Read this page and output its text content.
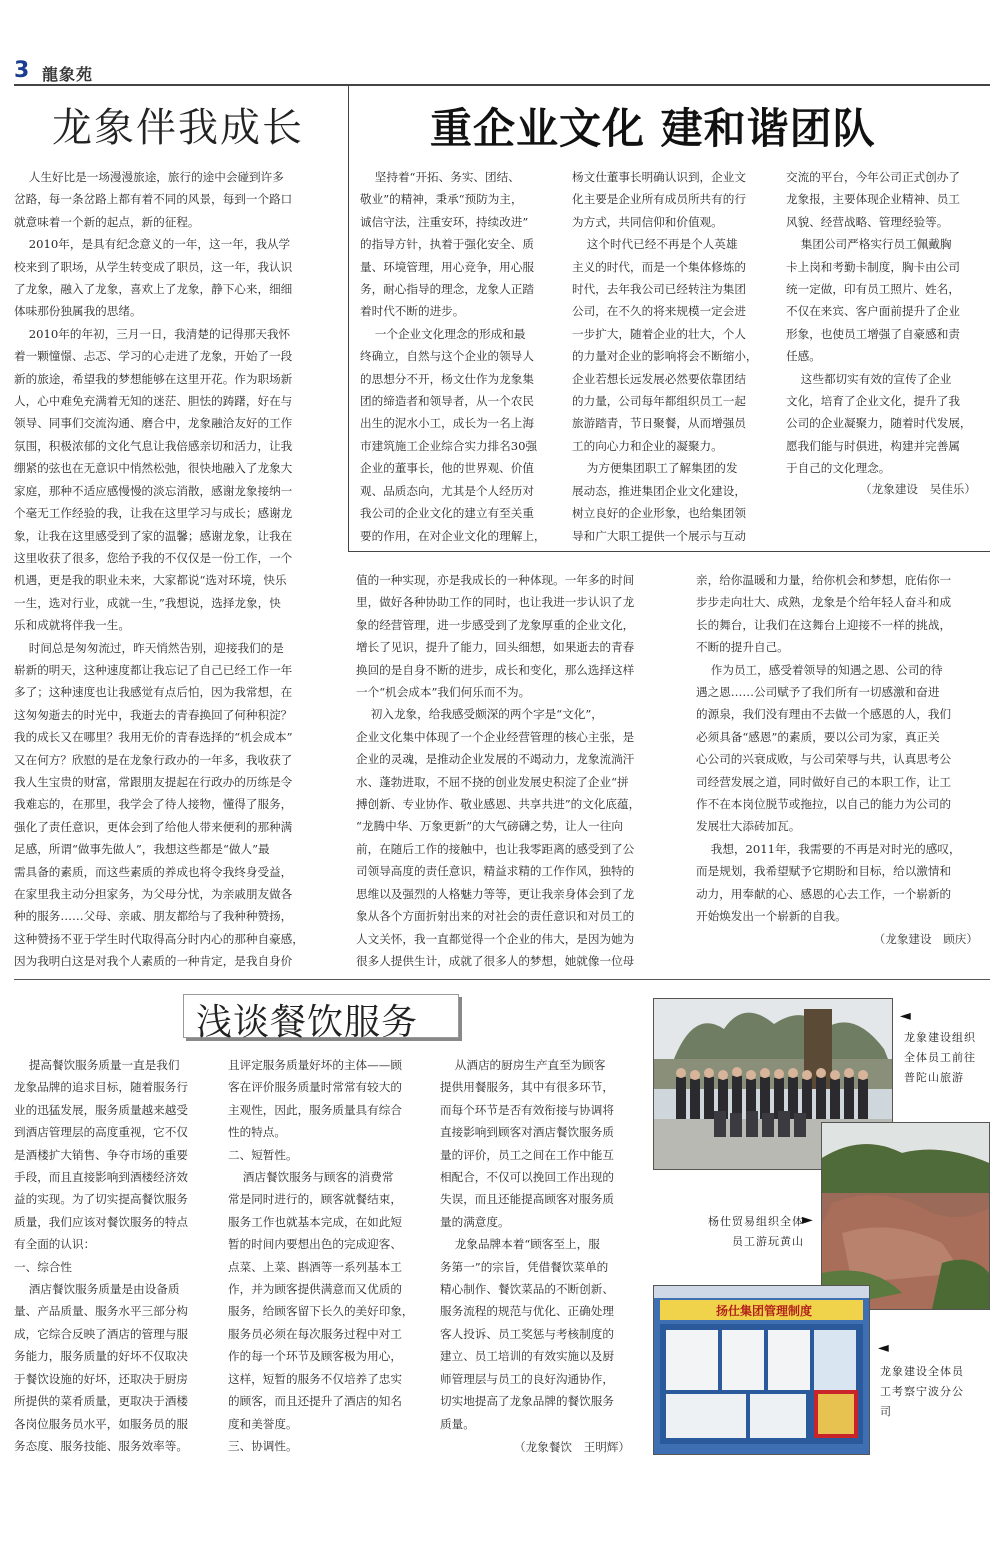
3 龍象苑
龙象伴我成长	重企业文化 建和谐团队
人生好比是一场漫漫旅途，旅行的途中会碰到许多
岔路，每一条岔路上都有着不同的风景，每到一个路口
就意味着一个新的起点，新的征程。
2010年，是具有纪念意义的一年，这一年，我从学
校来到了职场，从学生转变成了职员，这一年，我认识
了龙象，融入了龙象，喜欢上了龙象，静下心来，细细
体味那份独属我的思绪。
2010年的年初，三月一日，我清楚的记得那天我怀
着一颗憧憬、忐忑、学习的心走进了龙象，开始了一段
新的旅途，希望我的梦想能够在这里开花。作为职场新
人，心中难免充满着无知的迷茫、胆怯的踌躇，好在与
领导、同事们交流沟通、磨合中，龙象融洽友好的工作
氛围，积极浓郁的文化气息让我倍感亲切和活力，让我
绷紧的弦也在无意识中悄然松弛，很快地融入了龙象大
家庭，那种不适应感慢慢的淡忘消散，感谢龙象接纳一
个毫无工作经验的我，让我在这里学习与成长；感谢龙
象，让我在这里感受到了家的温馨；感谢龙象，让我在
这里收获了很多，您给予我的不仅仅是一份工作，一个
机遇，更是我的职业未来，大家都说“选对环境，快乐
一生，选对行业，成就一生，”我想说，选择龙象，快
乐和成就将伴我一生。
时间总是匆匆流过，昨天悄然告别，迎接我们的是
崭新的明天，这种速度都让我忘记了自己已经工作一年
多了；这种速度也让我感觉有点后怕，因为我常想，在
这匆匆逝去的时光中，我逝去的青春换回了何种积淀？
我的成长又在哪里？我用无价的青春选择的“机会成本”
又在何方？欣慰的是在龙象行政办的一年多，我收获了
我人生宝贵的财富，常跟朋友提起在行政办的历练是令
我难忘的，在那里，我学会了待人接物，懂得了服务，
强化了责任意识，更体会到了给他人带来便利的那种满
足感，所谓“做事先做人”，我想这些都是“做人”最
需具备的素质，而这些素质的养成也将令我终身受益，
在家里我主动分担家务，为父母分忧，为亲戚朋友做各
种的服务……父母、亲戚、朋友都给与了我种种赞扬，
这种赞扬不亚于学生时代取得高分时内心的那种自豪感，
因为我明白这是对我个人素质的一种肯定，是我自身价
坚持着“开拓、务实、团结、
敬业”的精神，秉承“预防为主，
诚信守法，注重安环，持续改进”
的指导方针，执着于强化安全、质
量、环境管理，用心竞争，用心服
务，耐心指导的理念，龙象人正踏
着时代不断的进步。
一个企业文化理念的形成和最
终确立，自然与这个企业的领导人
的思想分不开，杨文仕作为龙象集
团的缔造者和领导者，从一个农民
出生的泥水小工，成长为一名上海
市建筑施工企业综合实力排名30强
企业的董事长，他的世界观、价值
观、品质态向，尤其是个人经历对
我公司的企业文化的建立有至关重
要的作用，在对企业文化的理解上，
杨文仕董事长明确认识到，企业文
化主要是企业所有成员所共有的行
为方式，共同信仰和价值观。
这个时代已经不再是个人英雄
主义的时代，而是一个集体修炼的
时代，去年我公司已经转注为集团
公司，在不久的将来规模一定会进
一步扩大，随着企业的壮大，个人
的力量对企业的影响将会不断缩小，
企业若想长远发展必然要依靠团结
的力量，公司每年都组织员工一起
旅游踏青，节日聚餐，从而增强员
工的向心力和企业的凝聚力。
为方便集团职工了解集团的发
展动态，推进集团企业文化建设，
树立良好的企业形象，也给集团领
导和广大职工提供一个展示与互动
交流的平台，今年公司正式创办了
龙象报，主要体现企业精神、员工
风貌、经营战略、管理经验等。
集团公司严格实行员工佩戴胸
卡上岗和考勤卡制度，胸卡由公司
统一定做，印有员工照片、姓名，
不仅在来宾、客户面前提升了企业
形象，也使员工增强了自豪感和责
任感。
这些都切实有效的宣传了企业
文化，培育了企业文化，提升了我
公司的企业凝聚力，随着时代发展，
愿我们能与时俱进，构建并完善属
于自己的文化理念。
（龙象建设　吴佳乐）
值的一种实现，亦是我成长的一种体现。一年多的时间
里，做好各种协助工作的同时，也让我进一步认识了龙
象的经营管理，进一步感受到了龙象厚重的企业文化，
增长了见识，提升了能力，回头细想，如果逝去的青春
换回的是自身不断的进步，成长和变化，那么选择这样
一个“机会成本”我们何乐而不为。
初入龙象，给我感受颇深的两个字是“文化”，
企业文化集中体现了一个企业经营管理的核心主张，是
企业的灵魂，是推动企业发展的不竭动力，龙象流淌汗
水、蓬勃进取，不屈不挠的创业发展史积淀了企业“拼
搏创新、专业协作、敬业感恩、共享共进”的文化底蕴，
“龙腾中华、万象更新”的大气磅礴之势，让人一往向
前，在随后工作的接触中，也让我零距离的感受到了公
司领导高度的责任意识，精益求精的工作作风，独特的
思维以及强烈的人格魅力等等，更让我亲身体会到了龙
象从各个方面折射出来的对社会的责任意识和对员工的
人文关怀，我一直都觉得一个企业的伟大，是因为她为
很多人提供生计，成就了很多人的梦想，她就像一位母
亲，给你温暖和力量，给你机会和梦想，庇佑你一
步步走向壮大、成熟，龙象是个给年轻人奋斗和成
长的舞台，让我们在这舞台上迎接不一样的挑战，
不断的提升自己。
作为员工，感受着领导的知遇之恩、公司的待
遇之恩……公司赋予了我们所有一切感激和奋进
的源泉，我们没有理由不去做一个感恩的人，我们
必须具备“感恩”的素质，要以公司为家，真正关
心公司的兴衰成败，与公司荣辱与共，认真思考公
司经营发展之道，同时做好自己的本职工作，让工
作不在本岗位脱节或拖拉，以自己的能力为公司的
发展壮大添砖加瓦。
我想，2011年，我需要的不再是对时光的感叹，
而是规划，我希望赋予它期盼和目标，给以激情和
动力，用奉献的心、感恩的心去工作，一个崭新的
开始焕发出一个崭新的自我。
（龙象建设　顾庆）
浅谈餐饮服务
提高餐饮服务质量一直是我们
龙象品牌的追求目标，随着服务行
业的迅猛发展，服务质量越来越受
到酒店管理层的高度重视，它不仅
是酒楼扩大销售、争夺市场的重要
手段，而且直接影响到酒楼经济效
益的实现。为了切实提高餐饮服务
质量，我们应该对餐饮服务的特点
有全面的认识：
一、综合性
酒店餐饮服务质量是由设备质
量、产品质量、服务水平三部分构
成，它综合反映了酒店的管理与服
务能力，服务质量的好坏不仅取决
于餐饮设施的好坏，还取决于厨房
所提供的菜肴质量，更取决于酒楼
各岗位服务员水平，如服务员的服
务态度、服务技能、服务效率等。
且评定服务质量好坏的主体——顾
客在评价服务质量时常常有较大的
主观性，因此，服务质量具有综合
性的特点。
二、短暂性。
酒店餐饮服务与顾客的消费常
常是同时进行的，顾客就餐结束，
服务工作也就基本完成，在如此短
暂的时间内要想出色的完成迎客、
点菜、上菜、斟酒等一系列基本工
作，并为顾客提供满意而又优质的
服务，给顾客留下长久的美好印象，
服务员必须在每次服务过程中对工
作的每一个环节及顾客极为用心，
这样，短暂的服务不仅培养了忠实
的顾客，而且还提升了酒店的知名
度和美誉度。
三、协调性。
从酒店的厨房生产直至为顾客
提供用餐服务，其中有很多环节，
而每个环节是否有效衔接与协调将
直接影响到顾客对酒店餐饮服务质
量的评价，员工之间在工作中能互
相配合，不仅可以挽回工作出现的
失误，而且还能提高顾客对服务质
量的满意度。
龙象品牌本着“顾客至上，服
务第一”的宗旨，凭借餐饮菜单的
精心制作、餐饮菜品的不断创新、
服务流程的规范与优化、正确处理
客人投诉、员工奖惩与考核制度的
建立、员工培训的有效实施以及厨
师管理层与员工的良好沟通协作，
切实地提高了龙象品牌的餐饮服务
质量。
（龙象餐饮　王明辉）
◄
龙象建设组织
全体员工前往
普陀山旅游
►
杨仕贸易组织全体
员工游玩黄山
扬仕集团管理制度
◄
龙象建设全体员
工考察宁波分公
司
